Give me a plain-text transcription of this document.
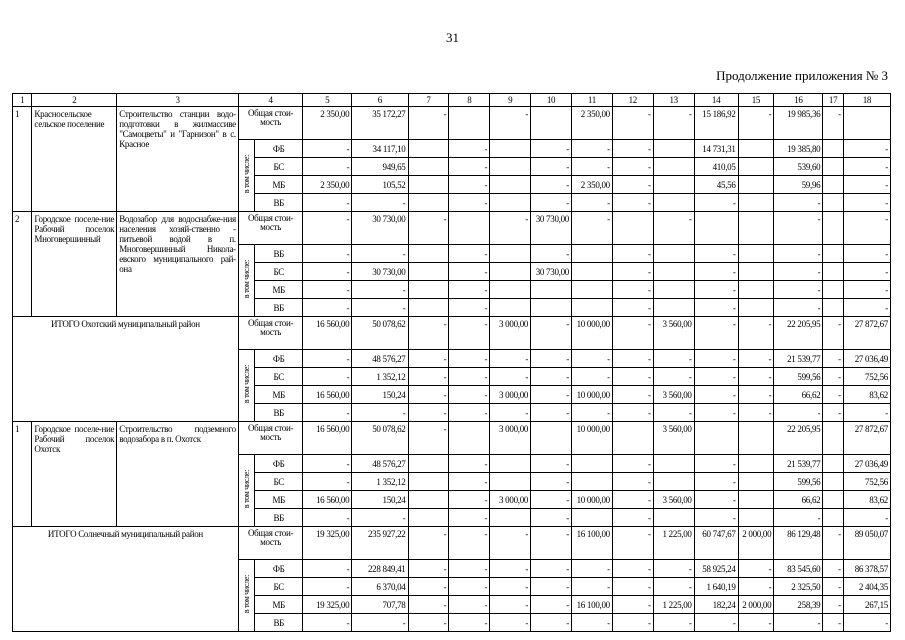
31
Продолжение приложения № 3
1	2	3	4		5	6	7	8	9	10	11	12	13	14	15	16	17	18
1	Красносельское сельское поселение	Строительство станции водо-подготовки в жилмассиве "Самоцветы" и "Гарнизон" в с. Красное	Общая стои-мость		2 350,00	35 172,27	-		-		2 350,00	-	-	15 186,92	-	19 985,36	-	
			в том числе:	ФБ	-	34 117,10		-		-	-	-		14 731,31		19 385,80		-
				БС	-	949,65		-		-	-	-		410,05		539,60		-
				МБ	2 350,00	105,52		-		-	2 350,00	-		45,56		59,96		-
				ВБ	-	-		-		-	-	-		-		-		-
2	Городское поселе-ние Рабочий поселок Многовершинный	Водозабор для водоснабже-ния населения хозяй-ственно - питьевой водой в п. Многовершинный Никола-евского муниципального рай-она	Общая стои-мость		-	30 730,00	-		-	30 730,00	-		-			-		-
			в том числе:	ВБ	-	-		-		-		-		-		-		-
				БС	-	30 730,00		-		30 730,00		-		-		-		-
				МБ	-	-		-				-		-		-		-
				ВБ	-	-		-				-		-		-		-
ИТОГО Охотский муниципальный район			Общая стои-мость		16 560,00	50 078,62	-	-	3 000,00	-	10 000,00	-	3 560,00	-	-	22 205,95	-	27 872,67
			в том числе:	ФБ	-	48 576,27	-	-	-	-	-	-	-	-	-	21 539,77	-	27 036,49
				БС	-	1 352,12	-	-	-	-	-	-	-	-	-	599,56	-	752,56
				МБ	16 560,00	150,24	-	-	3 000,00	-	10 000,00	-	3 560,00	-	-	66,62	-	83,62
				ВБ	-	-	-	-	-	-	-	-	-	-	-	-	-	-
1	Городское поселе-ние Рабочий поселок Охотск	Строительство подземного водозабора в п. Охотск	Общая стои-мость		16 560,00	50 078,62	-		3 000,00		10 000,00		3 560,00			22 205,95		27 872,67
			в том числе:	ФБ	-	48 576,27		-		-		-		-		21 539,77		27 036,49
				БС	-	1 352,12		-		-		-		-		599,56		752,56
				МБ	16 560,00	150,24		-	3 000,00	-	10 000,00	-	3 560,00	-		66,62		83,62
				ВБ	-	-		-		-		-		-		-		-
ИТОГО Солнечный муниципальный район			Общая стои-мость		19 325,00	235 927,22	-	-	-	-	16 100,00	-	1 225,00	60 747,67	2 000,00	86 129,48	-	89 050,07
			в том числе:	ФБ	-	228 849,41	-	-	-	-	-	-	-	58 925,24	-	83 545,60	-	86 378,57
				БС	-	6 370,04	-	-	-	-	-	-	-	1 640,19	-	2 325,50	-	2 404,35
				МБ	19 325,00	707,78	-	-	-	-	16 100,00	-	1 225,00	182,24	2 000,00	258,39	-	267,15
				ВБ	-	-	-	-	-	-	-	-	-	-	-	-	-	-
